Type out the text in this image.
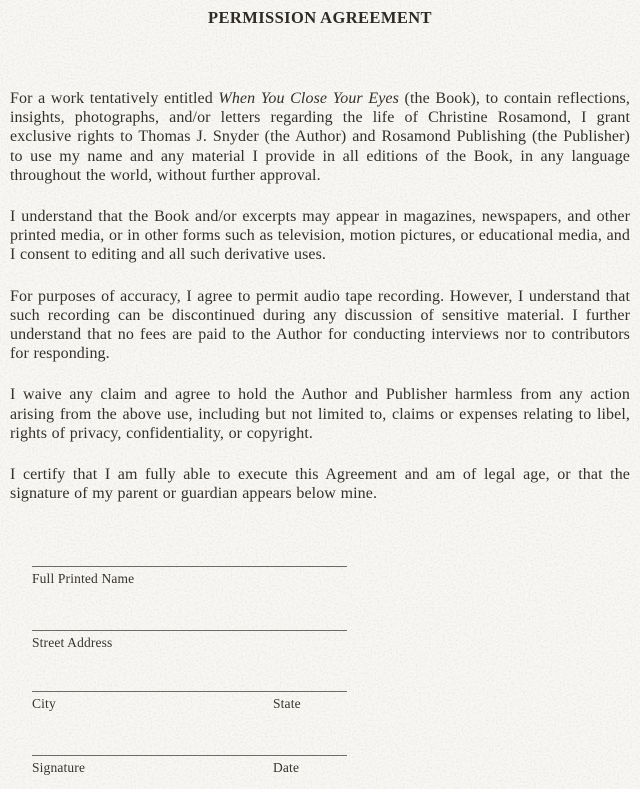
PERMISSION AGREEMENT

For a work tentatively entitled When You Close Your Eyes (the Book), to contain reflections, insights, photographs, and/or letters regarding the life of Christine Rosamond, I grant exclusive rights to Thomas J. Snyder (the Author) and Rosamond Publishing (the Publisher) to use my name and any material I provide in all editions of the Book, in any language throughout the world, without further approval.

I understand that the Book and/or excerpts may appear in magazines, newspapers, and other printed media, or in other forms such as television, motion pictures, or educational media, and I consent to editing and all such derivative uses.

For purposes of accuracy, I agree to permit audio tape recording. However, I understand that such recording can be discontinued during any discussion of sensitive material. I further understand that no fees are paid to the Author for conducting interviews nor to contributors for responding.

I waive any claim and agree to hold the Author and Publisher harmless from any action arising from the above use, including but not limited to, claims or expenses relating to libel, rights of privacy, confidentiality, or copyright.

I certify that I am fully able to execute this Agreement and am of legal age, or that the signature of my parent or guardian appears below mine.

Full Printed Name
Street Address
City	State
Signature	Date
